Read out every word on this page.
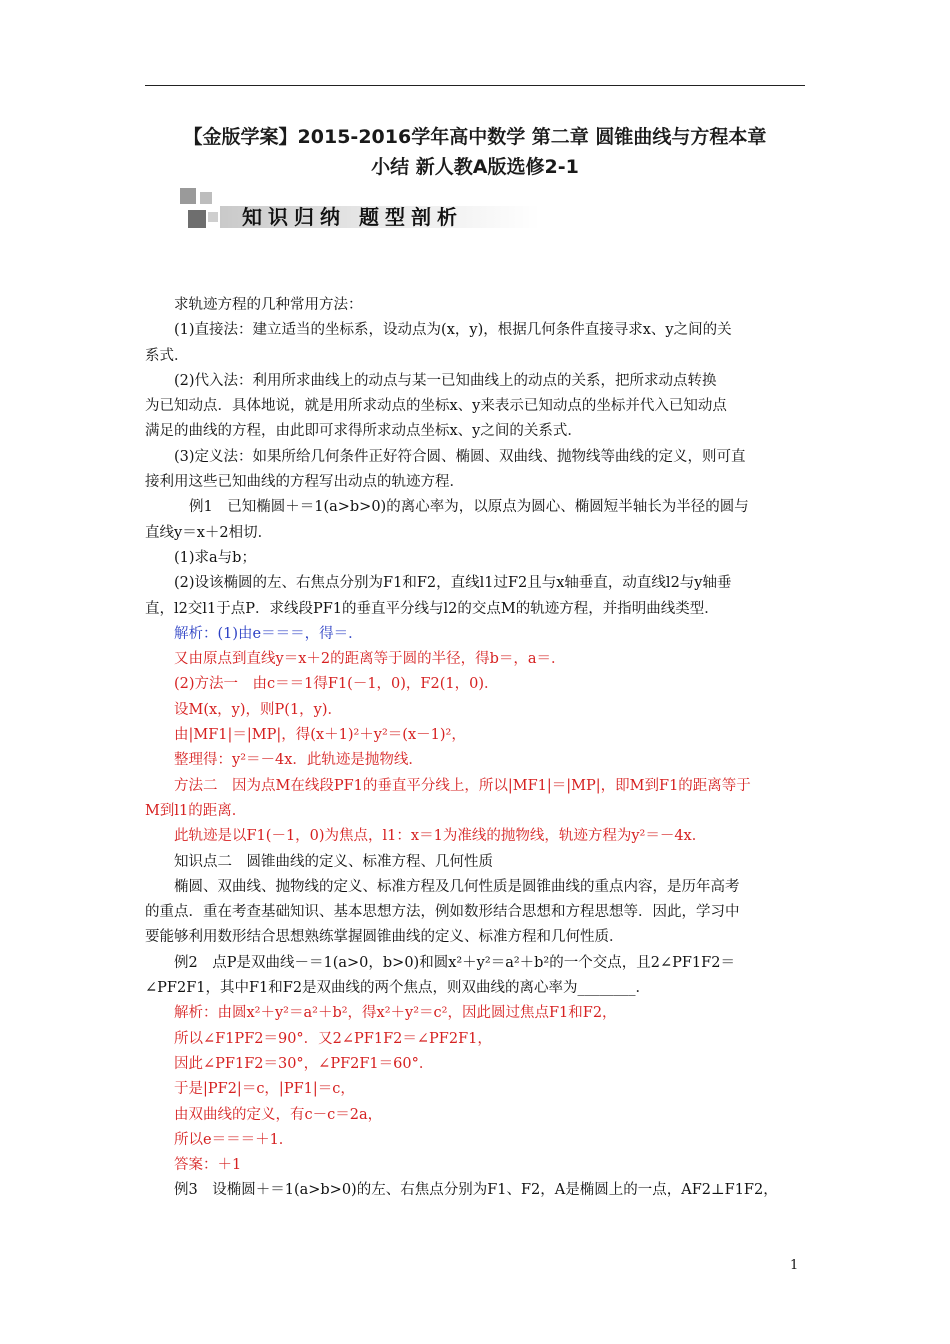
【金版学案】2015-2016学年高中数学 第二章 圆锥曲线与方程本章
小结 新人教A版选修2-1
知识归纳 题型剖析

求轨迹方程的几种常用方法：

(1)直接法：建立适当的坐标系，设动点为(x，y)，根据几何条件直接寻求x、y之间的关

系式．

(2)代入法：利用所求曲线上的动点与某一已知曲线上的动点的关系，把所求动点转换

为已知动点．具体地说，就是用所求动点的坐标x、y来表示已知动点的坐标并代入已知动点

满足的曲线的方程，由此即可求得所求动点坐标x、y之间的关系式．

(3)定义法：如果所给几何条件正好符合圆、椭圆、双曲线、抛物线等曲线的定义，则可直

接利用这些已知曲线的方程写出动点的轨迹方程．

例1　已知椭圆＋＝1(a>b>0)的离心率为，以原点为圆心、椭圆短半轴长为半径的圆与

直线y＝x＋2相切．

(1)求a与b；

(2)设该椭圆的左、右焦点分别为F1和F2，直线l1过F2且与x轴垂直，动直线l2与y轴垂

直，l2交l1于点P．求线段PF1的垂直平分线与l2的交点M的轨迹方程，并指明曲线类型．

解析：(1)由e＝＝＝，得＝．

又由原点到直线y＝x＋2的距离等于圆的半径，得b＝，a＝．

(2)方法一　由c＝＝1得F1(－1，0)，F2(1，0)．

设M(x，y)，则P(1，y)．

由|MF1|＝|MP|，得(x＋1)²＋y²＝(x－1)²，

整理得：y²＝－4x．此轨迹是抛物线．

方法二　因为点M在线段PF1的垂直平分线上，所以|MF1|＝|MP|，即M到F1的距离等于

M到l1的距离．

此轨迹是以F1(－1，0)为焦点，l1：x＝1为准线的抛物线，轨迹方程为y²＝－4x．

知识点二　圆锥曲线的定义、标准方程、几何性质

椭圆、双曲线、抛物线的定义、标准方程及几何性质是圆锥曲线的重点内容，是历年高考

的重点．重在考查基础知识、基本思想方法，例如数形结合思想和方程思想等．因此，学习中

要能够利用数形结合思想熟练掌握圆锥曲线的定义、标准方程和几何性质．

例2　点P是双曲线－＝1(a>0，b>0)和圆x²＋y²＝a²＋b²的一个交点，且2∠PF1F2＝

∠PF2F1，其中F1和F2是双曲线的两个焦点，则双曲线的离心率为________．

解析：由圆x²＋y²＝a²＋b²，得x²＋y²＝c²，因此圆过焦点F1和F2，

所以∠F1PF2＝90°．又2∠PF1F2＝∠PF2F1，

因此∠PF1F2＝30°，∠PF2F1＝60°．

于是|PF2|＝c，|PF1|＝c，

由双曲线的定义，有c－c＝2a，

所以e＝＝＝＋1．

答案：＋1

例3　设椭圆＋＝1(a>b>0)的左、右焦点分别为F1、F2，A是椭圆上的一点，AF2⊥F1F2，

1
